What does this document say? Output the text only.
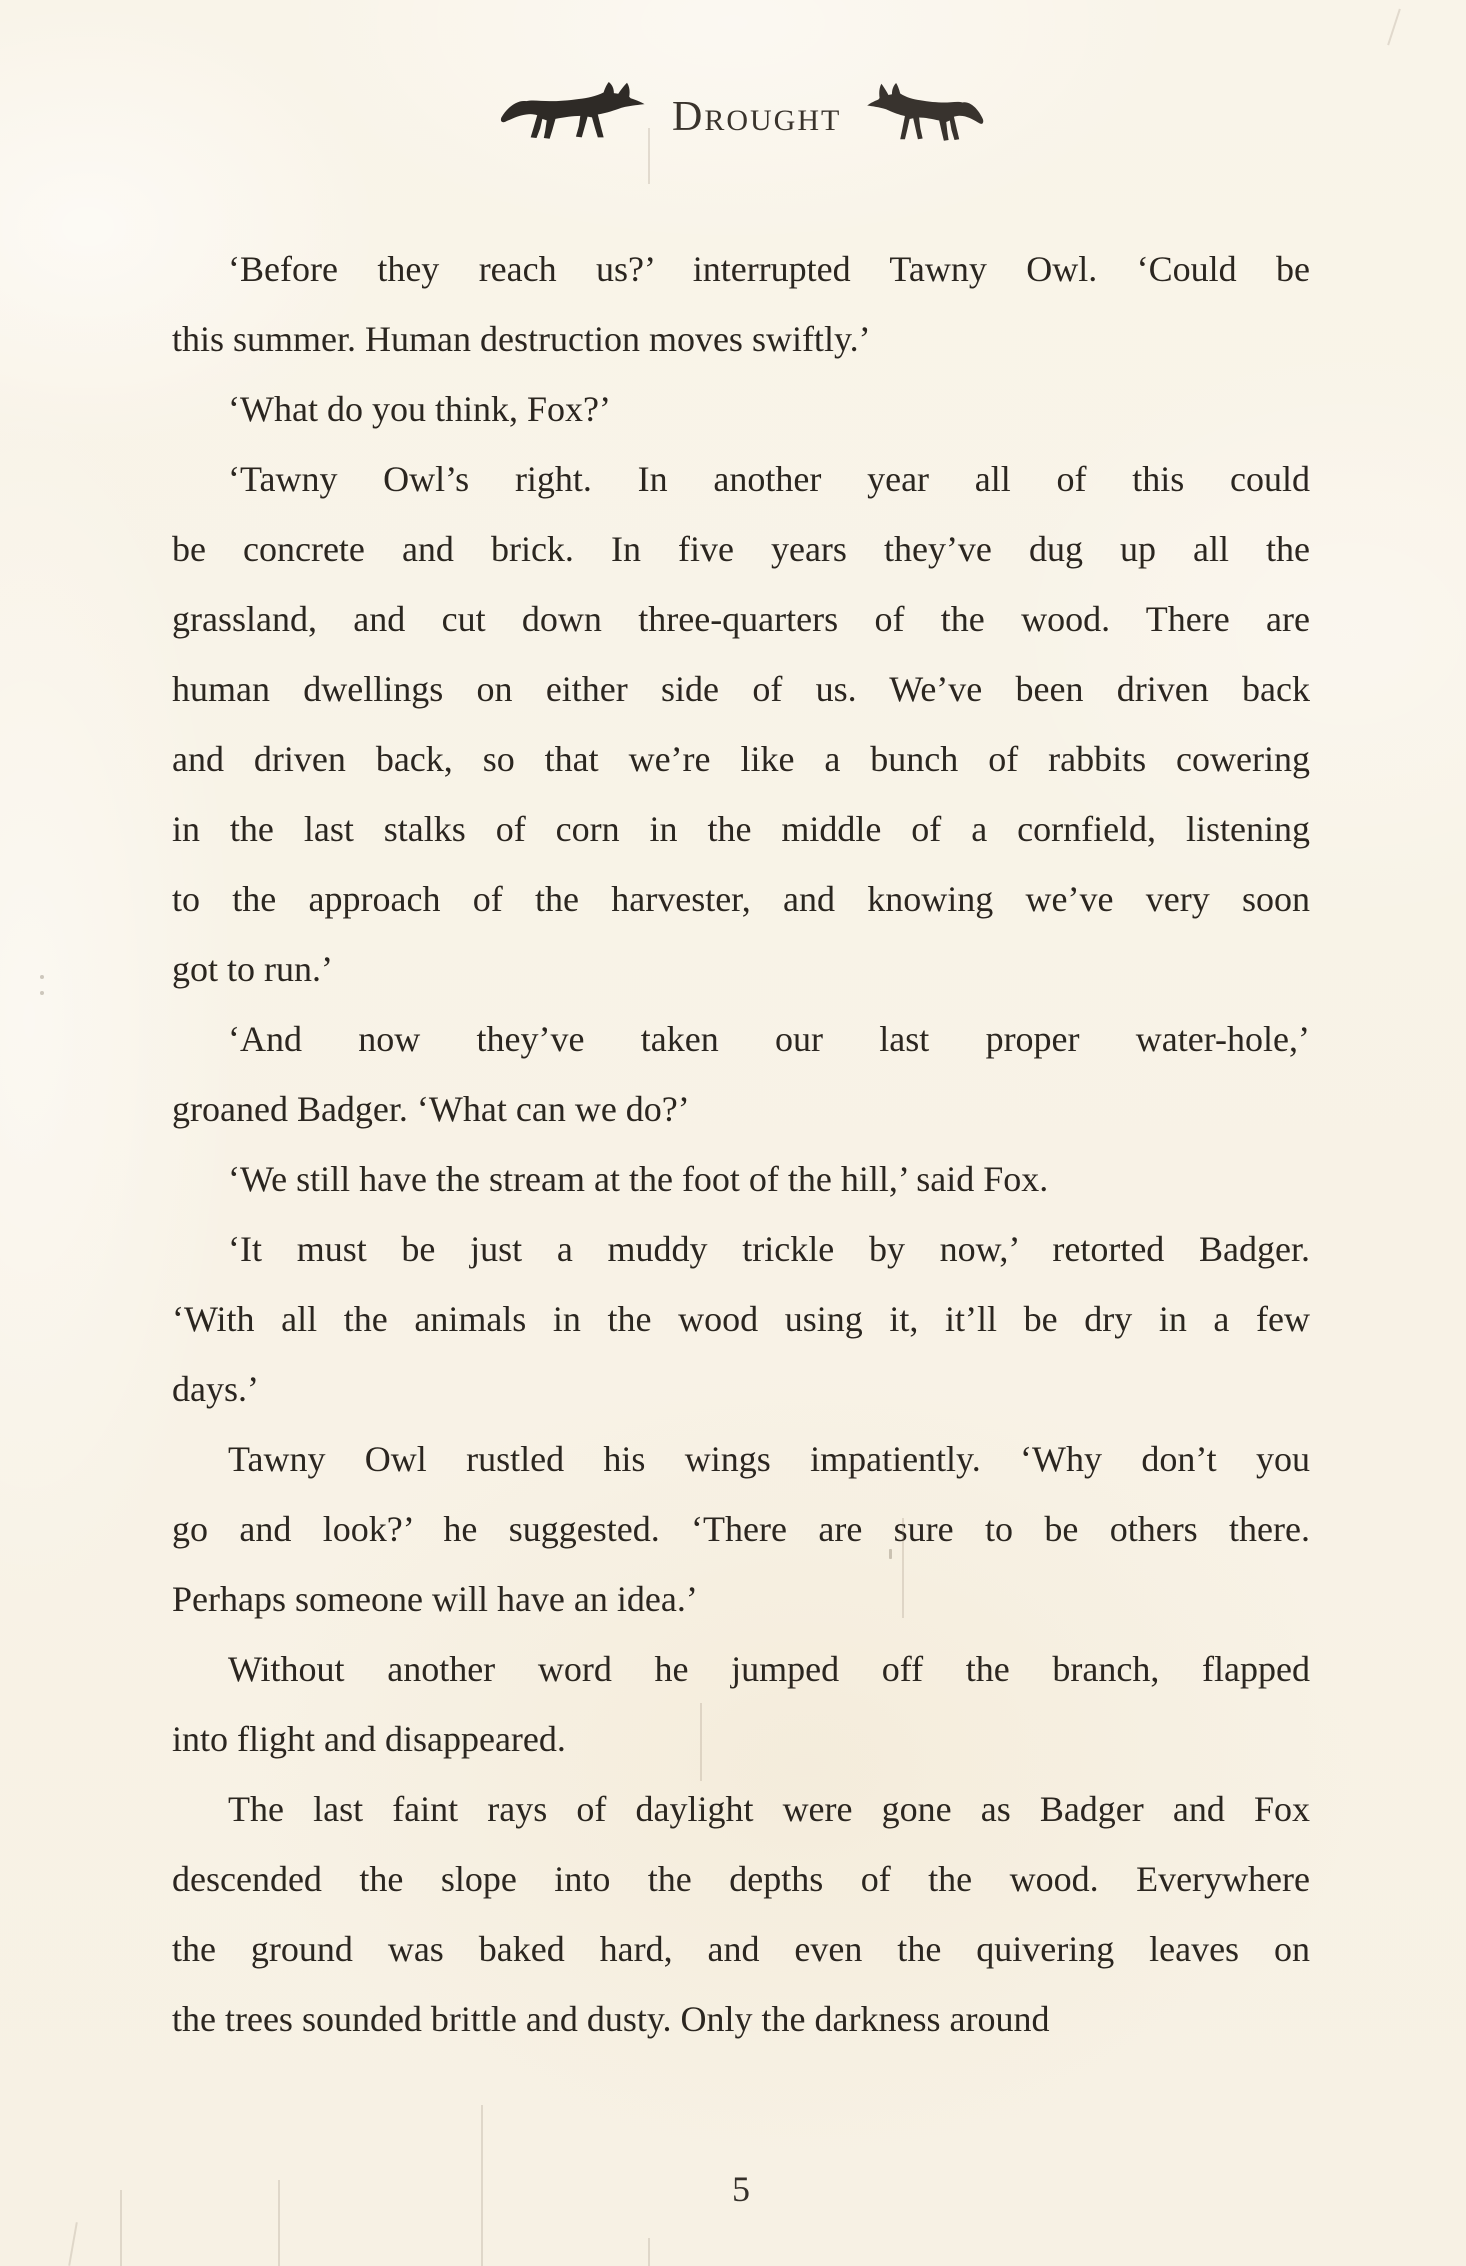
DROUGHT
‘Before they reach us?’ interrupted Tawny Owl. ‘Could be
this summer. Human destruction moves swiftly.’
‘What do you think, Fox?’
‘Tawny Owl’s right. In another year all of this could
be concrete and brick. In five years they’ve dug up all the
grassland, and cut down three-quarters of the wood. There are
human dwellings on either side of us. We’ve been driven back
and driven back, so that we’re like a bunch of rabbits cowering
in the last stalks of corn in the middle of a cornfield, listening
to the approach of the harvester, and knowing we’ve very soon
got to run.’
‘And now they’ve taken our last proper water-hole,’
groaned Badger. ‘What can we do?’
‘We still have the stream at the foot of the hill,’ said Fox.
‘It must be just a muddy trickle by now,’ retorted Badger.
‘With all the animals in the wood using it, it’ll be dry in a few
days.’
Tawny Owl rustled his wings impatiently. ‘Why don’t you
go and look?’ he suggested. ‘There are sure to be others there.
Perhaps someone will have an idea.’
Without another word he jumped off the branch, flapped
into flight and disappeared.
The last faint rays of daylight were gone as Badger and Fox
descended the slope into the depths of the wood. Everywhere
the ground was baked hard, and even the quivering leaves on
the trees sounded brittle and dusty. Only the darkness around
5
